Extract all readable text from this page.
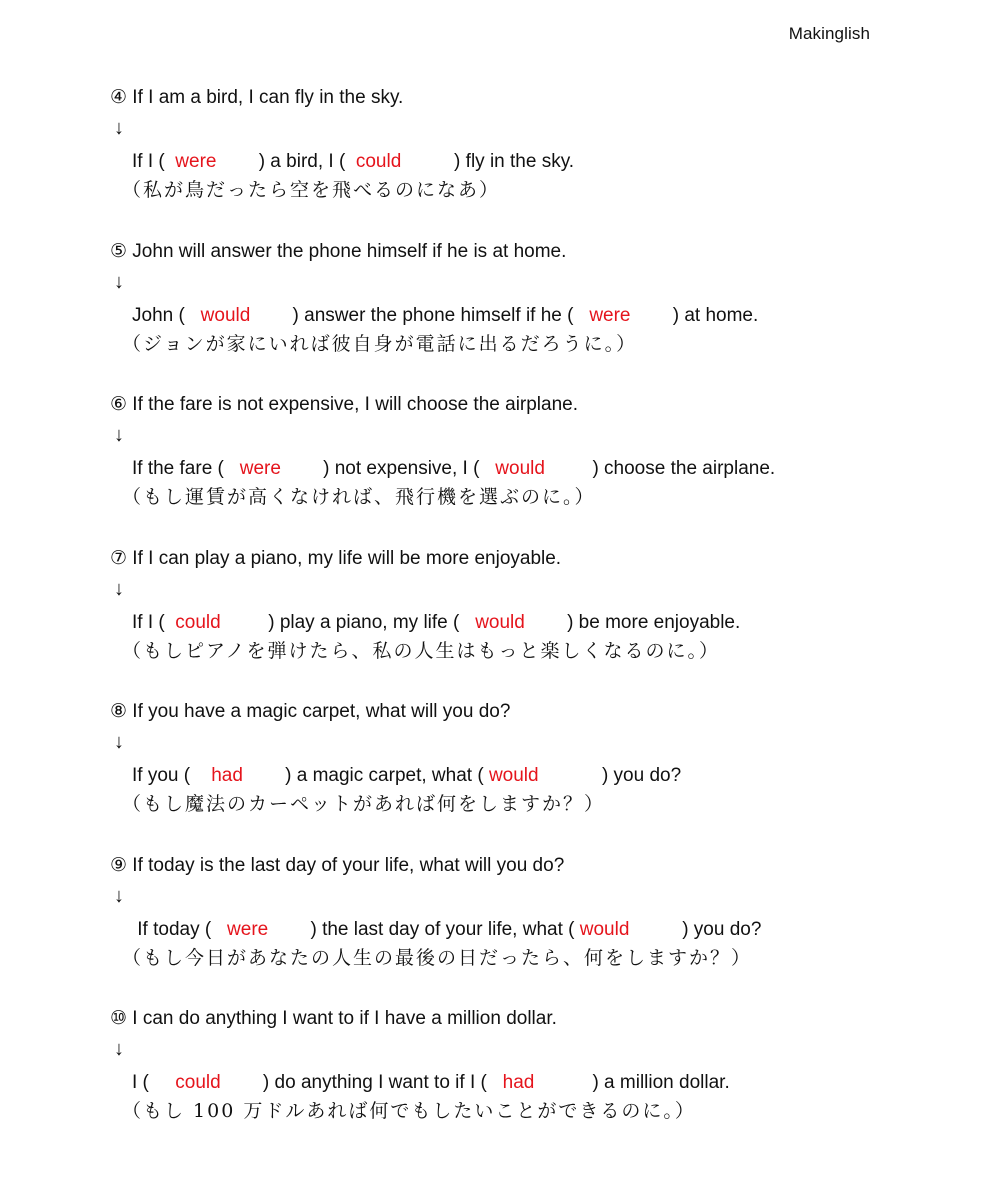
Makinglish
④ If I am a bird, I can fly in the sky.
↓
If I (  were        ) a bird, I (  could          ) fly in the sky.
（私が鳥だったら空を飛べるのになあ）
⑤ John will answer the phone himself if he is at home.
↓
John (   would        ) answer the phone himself if he (   were        ) at home.
（ジョンが家にいれば彼自身が電話に出るだろうに。）
⑥ If the fare is not expensive, I will choose the airplane.
↓
If the fare (   were        ) not expensive, I (   would         ) choose the airplane.
（もし運賃が高くなければ、飛行機を選ぶのに。）
⑦ If I can play a piano, my life will be more enjoyable.
↓
If I (  could         ) play a piano, my life (   would        ) be more enjoyable.
（もしピアノを弾けたら、私の人生はもっと楽しくなるのに。）
⑧ If you have a magic carpet, what will you do?
↓
If you (    had        ) a magic carpet, what ( would            ) you do?
（もし魔法のカーペットがあれば何をしますか？）
⑨ If today is the last day of your life, what will you do?
↓
If today (   were        ) the last day of your life, what ( would          ) you do?
（もし今日があなたの人生の最後の日だったら、何をしますか？）
⑩ I can do anything I want to if I have a million dollar.
↓
I (     could        ) do anything I want to if I (   had           ) a million dollar.
（もし 100 万ドルあれば何でもしたいことができるのに。）
